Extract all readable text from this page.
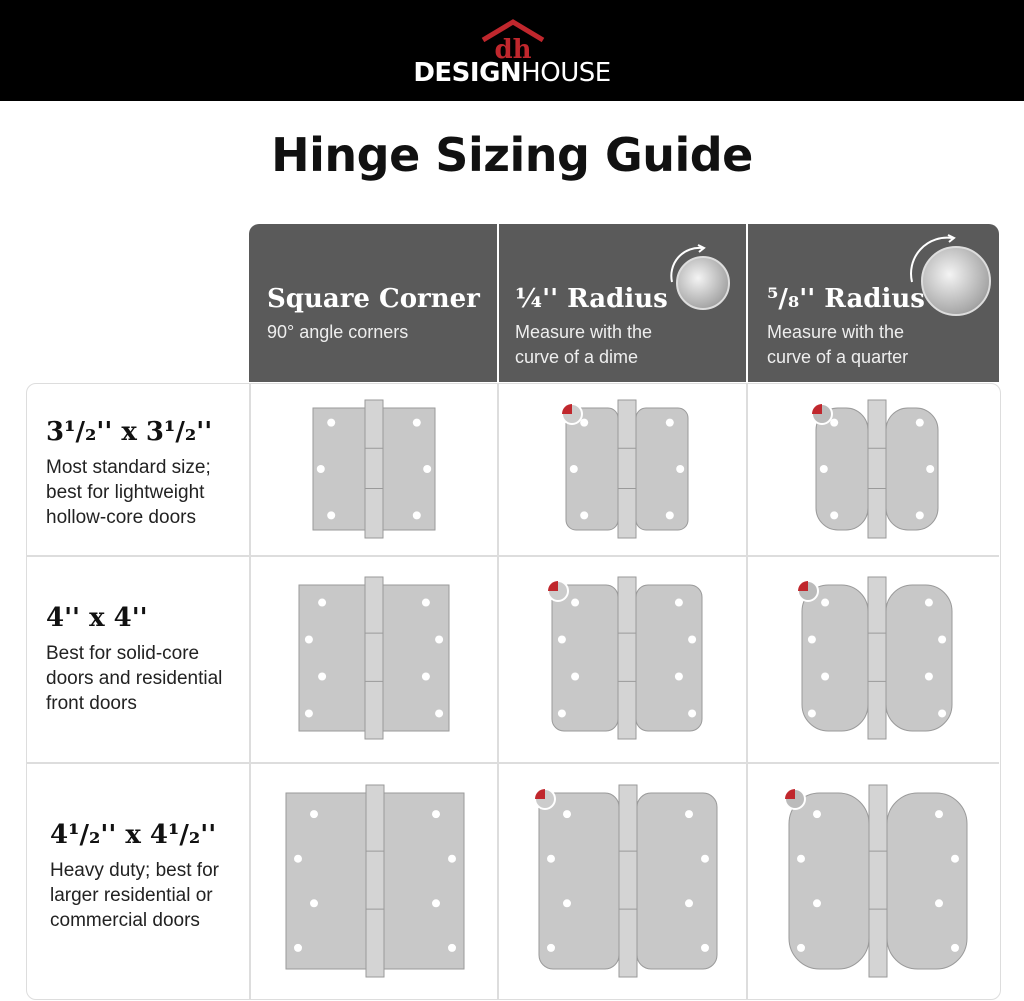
dh
DESIGNHOUSE
Hinge Sizing Guide
Square Corner
90° angle corners
¼'' Radius
Measure with the
curve of a dime
⁵/₈'' Radius
Measure with the
curve of a quarter
3¹/₂'' x 3¹/₂''
Most standard size;
best for lightweight
hollow-core doors
4'' x 4''
Best for solid-core
doors and residential
front doors
4¹/₂'' x 4¹/₂''
Heavy duty; best for
larger residential or
commercial doors
